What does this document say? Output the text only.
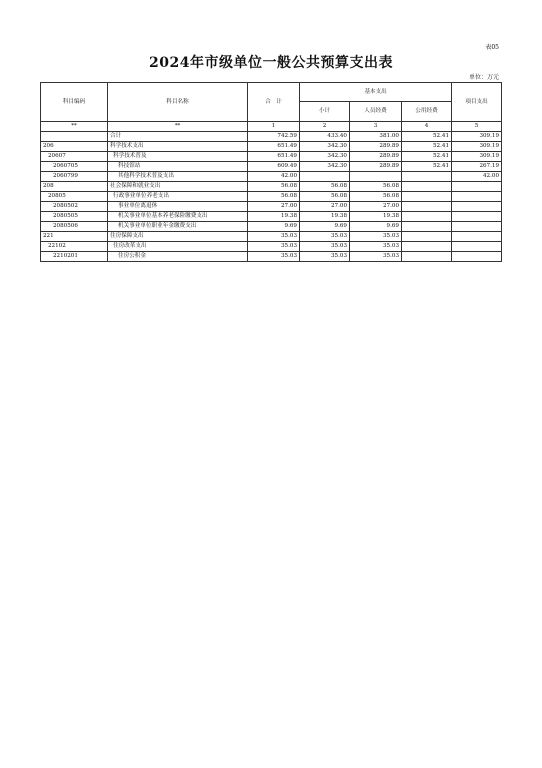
表05
2024年市级单位一般公共预算支出表
单位：万元
科目编码	科目名称	合　计	基本支出			项目支出
			小计	人员经费	公用经费	
**	**	1	2	3	4	5
	合计	742.59	433.40	381.00	52.41	309.19
206	科学技术支出	651.49	342.30	289.89	52.41	309.19
20607	科学技术普及	651.49	342.30	289.89	52.41	309.19
2060705	科技馆站	609.49	342.30	289.89	52.41	267.19
2060799	其他科学技术普及支出	42.00				42.00
208	社会保障和就业支出	56.08	56.08	56.08		
20805	行政事业单位养老支出	56.08	56.08	56.08		
2080502	事业单位离退休	27.00	27.00	27.00		
2080505	机关事业单位基本养老保险缴费支出	19.38	19.38	19.38		
2080506	机关事业单位职业年金缴费支出	9.69	9.69	9.69		
221	住房保障支出	35.03	35.03	35.03		
22102	住房改革支出	35.03	35.03	35.03		
2210201	住房公积金	35.03	35.03	35.03		
